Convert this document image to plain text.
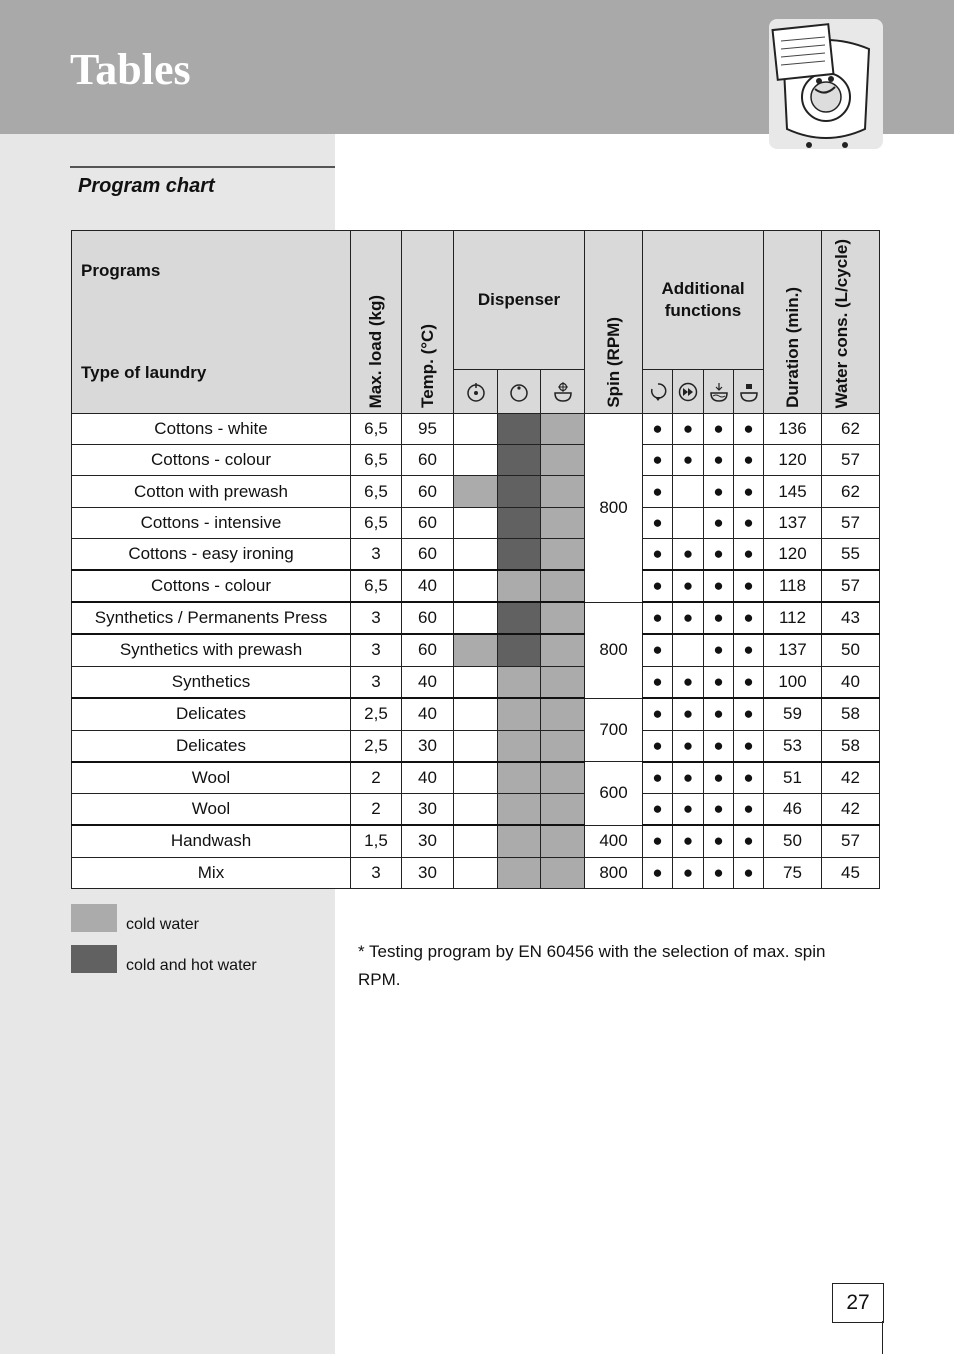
Tables
Program chart
Programs
Type of laundry	Max. load (kg)	Temp. (°C)	Dispenser			Spin (RPM)	Additional functions				Duration (min.)	Water cons. (L/cycle)

Cottons - white	6,5	95				800	●	●	●	●	136	62
Cottons - colour	6,5	60					●	●	●	●	120	57
Cotton with prewash	6,5	60					●		●	●	145	62
Cottons - intensive	6,5	60					●		●	●	137	57
Cottons - easy ironing	3	60					●	●	●	●	120	55
Cottons - colour	6,5	40					●	●	●	●	118	57
Synthetics / Permanents Press	3	60				800	●	●	●	●	112	43
Synthetics with prewash	3	60					●		●	●	137	50
Synthetics	3	40					●	●	●	●	100	40
Delicates	2,5	40				700	●	●	●	●	59	58
Delicates	2,5	30					●	●	●	●	53	58
Wool	2	40				600	●	●	●	●	51	42
Wool	2	30					●	●	●	●	46	42
Handwash	1,5	30				400	●	●	●	●	50	57
Mix	3	30				800	●	●	●	●	75	45
cold water
cold and hot water
* Testing program by EN 60456 with the selection of max. spin RPM.
27
